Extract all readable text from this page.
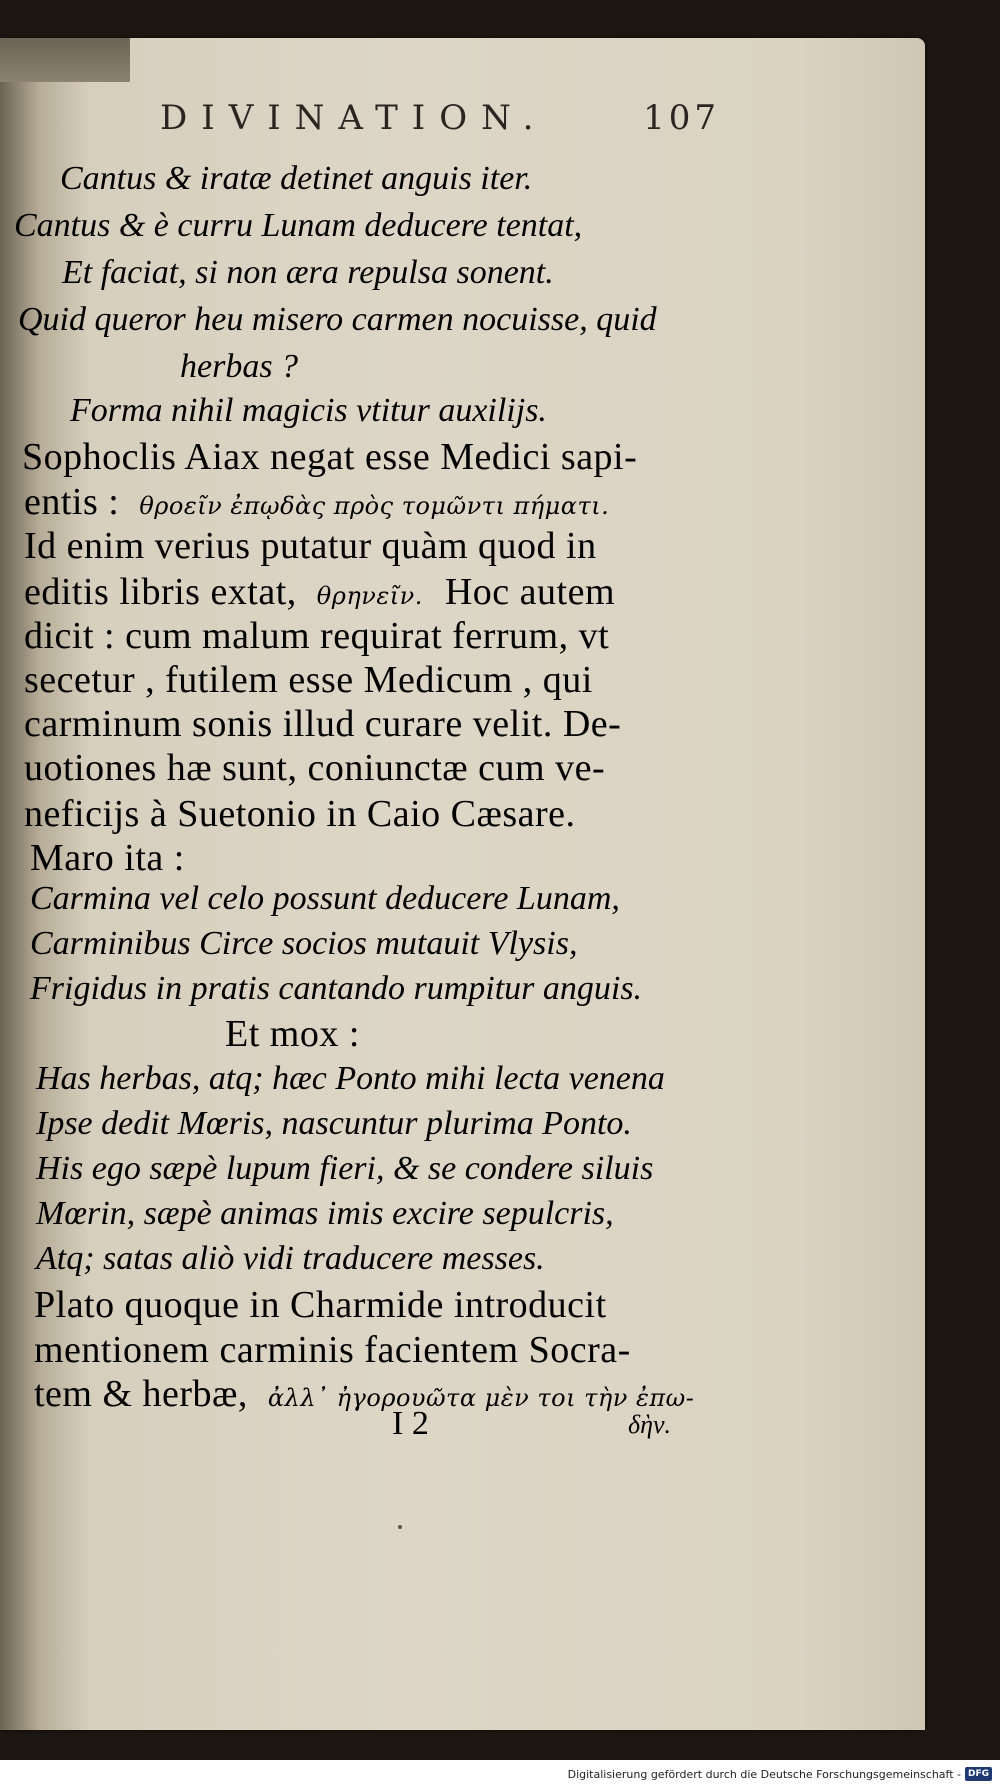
DIVINATION.	107
Cantus & iratæ detinet anguis iter.
Cantus & è curru Lunam deducere tentat,
Et faciat, si non æra repulsa sonent.
Quid queror heu misero carmen nocuisse, quid
herbas ?
Forma nihil magicis vtitur auxilijs.
Sophoclis Aiax negat esse Medici sapi-
entis : θροεῖν ἐπῳδὰς πρὸς τομῶντι πήματι.
Id enim verius putatur quàm quod in
editis libris extat, θρηνεῖν. Hoc autem
dicit : cum malum requirat ferrum, vt
secetur , futilem esse Medicum , qui
carminum sonis illud curare velit. De-
uotiones hæ sunt, coniunctæ cum ve-
neficijs à Suetonio in Caio Cæsare.
Maro ita :
Carmina vel celo possunt deducere Lunam,
Carminibus Circe socios mutauit Vlysis,
Frigidus in pratis cantando rumpitur anguis.
Et mox :
Has herbas, atq; hæc Ponto mihi lecta venena
Ipse dedit Mœris, nascuntur plurima Ponto.
His ego sæpè lupum fieri, & se condere siluis
Mœrin, sæpè animas imis excire sepulcris,
Atq; satas aliò vidi traducere messes.
Plato quoque in Charmide introducit
mentionem carminis facientem Socra-
tem & herbæ, ἀλλ᾽ ἠγορουῶτα μὲν τοι τὴν ἐπω-
I 2	δὴν.
Digitalisierung gefördert durch die Deutsche Forschungsgemeinschaft - DFG
